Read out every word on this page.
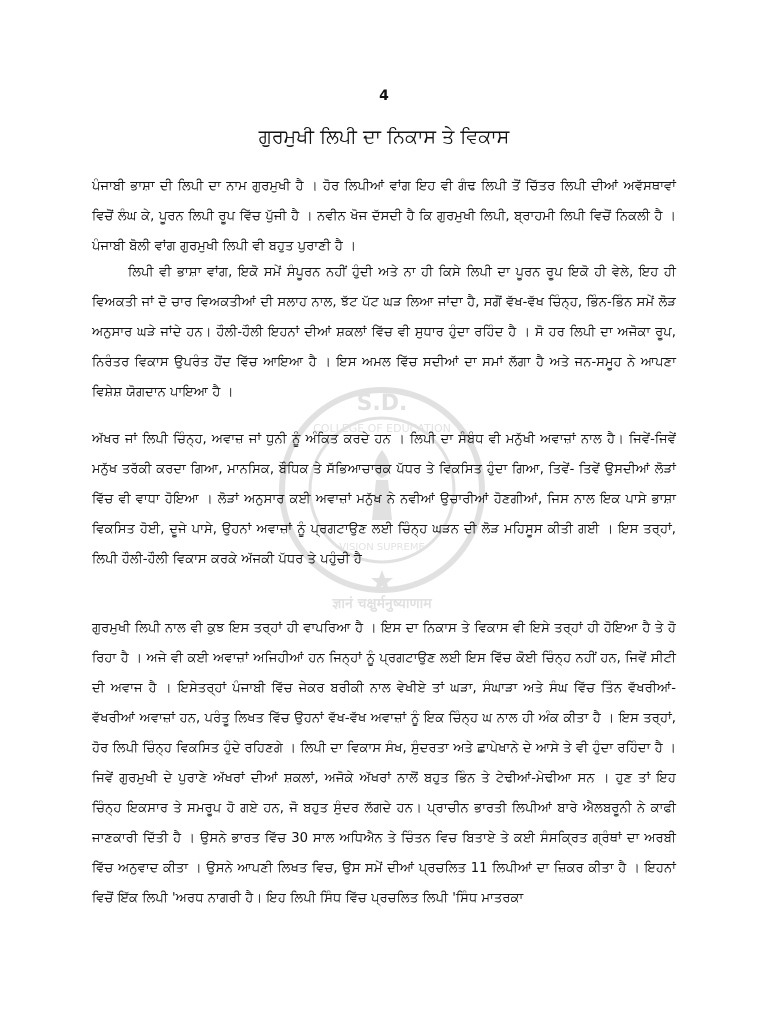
S.D.
COLLEGE OF EDUCATION
VISION SUPREME
ज्ञानं चक्षुर्मनुष्याणाम
4
ਗੁਰਮੁਖੀ ਲਿਪੀ ਦਾ ਨਿਕਾਸ ਤੇ ਵਿਕਾਸ

ਪੰਜਾਬੀ ਭਾਸ਼ਾ ਦੀ ਲਿਪੀ ਦਾ ਨਾਮ ਗੁਰਮੁਖੀ ਹੈ । ਹੋਰ ਲਿਪੀਆਂ ਵਾਂਗ ਇਹ ਵੀ ਗੰਢ ਲਿਪੀ ਤੋਂ ਚਿੱਤਰ ਲਿਪੀ ਦੀਆਂ ਅਵੱਸਥਾਵਾਂ ਵਿਚੋਂ ਲੰਘ ਕੇ, ਪੂਰਨ ਲਿਪੀ ਰੂਪ ਵਿੱਚ ਪੁੱਜੀ ਹੈ । ਨਵੀਨ ਖੋਜ ਦੱਸਦੀ ਹੈ ਕਿ ਗੁਰਮੁਖੀ ਲਿਪੀ, ਬ੍ਰਾਹਮੀ ਲਿਪੀ ਵਿਚੋਂ ਨਿਕਲੀ ਹੈ । ਪੰਜਾਬੀ ਬੋਲੀ ਵਾਂਗ ਗੁਰਮੁਖੀ ਲਿਪੀ ਵੀ ਬਹੁਤ ਪੁਰਾਣੀ ਹੈ ।

ਲਿਪੀ ਵੀ ਭਾਸ਼ਾ ਵਾਂਗ, ਇਕੋ ਸਮੇਂ ਸੰਪੂਰਨ ਨਹੀਂ ਹੁੰਦੀ ਅਤੇ ਨਾ ਹੀ ਕਿਸੇ ਲਿਪੀ ਦਾ ਪੂਰਨ ਰੂਪ ਇਕੋ ਹੀ ਵੇਲੇ, ਇਹ ਹੀ ਵਿਅਕਤੀ ਜਾਂ ਦੋ ਚਾਰ ਵਿਅਕਤੀਆਂ ਦੀ ਸਲਾਹ ਨਾਲ, ਝੱਟ ਪੱਟ ਘੜ ਲਿਆ ਜਾਂਦਾ ਹੈ, ਸਗੋਂ ਵੱਖ-ਵੱਖ ਚਿੰਨ੍ਹ, ਭਿੰਨ-ਭਿੰਨ ਸਮੇਂ ਲੋੜ ਅਨੁਸਾਰ ਘੜੇ ਜਾਂਦੇ ਹਨ। ਹੌਲੀ-ਹੌਲੀ ਇਹਨਾਂ ਦੀਆਂ ਸ਼ਕਲਾਂ ਵਿੱਚ ਵੀ ਸੁਧਾਰ ਹੁੰਦਾ ਰਹਿੰਦ ਹੈ । ਸੋ ਹਰ ਲਿਪੀ ਦਾ ਅਜੋਕਾ ਰੂਪ, ਨਿਰੰਤਰ ਵਿਕਾਸ ਉਪਰੰਤ ਹੋਂਦ ਵਿੱਚ ਆਇਆ ਹੈ । ਇਸ ਅਮਲ ਵਿੱਚ ਸਦੀਆਂ ਦਾ ਸਮਾਂ ਲੱਗਾ ਹੈ ਅਤੇ ਜਨ-ਸਮੂਹ ਨੇ ਆਪਣਾ ਵਿਸ਼ੇਸ਼ ਯੋਗਦਾਨ ਪਾਇਆ ਹੈ ।

ਅੱਖਰ ਜਾਂ ਲਿਪੀ ਚਿੰਨ੍ਹ, ਅਵਾਜ਼ ਜਾਂ ਧੁਨੀ ਨੂੰ ਅੰਕਿਤ ਕਰਦੇ ਹਨ । ਲਿਪੀ ਦਾ ਸੰਬੰਧ ਵੀ ਮਨੁੱਖੀ ਅਵਾਜ਼ਾਂ ਨਾਲ ਹੈ। ਜਿਵੇਂ-ਜਿਵੇਂ ਮਨੁੱਖ ਤਰੱਕੀ ਕਰਦਾ ਗਿਆ, ਮਾਨਸਿਕ, ਬੌਧਿਕ ਤੇ ਸੱਭਿਆਚਾਰਕ ਪੱਧਰ ਤੇ ਵਿਕਸਿਤ ਹੁੰਦਾ ਗਿਆ, ਤਿਵੇਂ- ਤਿਵੇਂ ਉਸਦੀਆਂ ਲੋੜਾਂ ਵਿੱਚ ਵੀ ਵਾਧਾ ਹੋਇਆ । ਲੋੜਾਂ ਅਨੁਸਾਰ ਕਈ ਅਵਾਜ਼ਾਂ ਮਨੁੱਖ ਨੇ ਨਵੀਆਂ ਉਚਾਰੀਆਂ ਹੋਣਗੀਆਂ, ਜਿਸ ਨਾਲ ਇਕ ਪਾਸੇ ਭਾਸ਼ਾ ਵਿਕਸਿਤ ਹੋਈ, ਦੂਜੇ ਪਾਸੇ, ਉਹਨਾਂ ਅਵਾਜ਼ਾਂ ਨੂੰ ਪ੍ਰਗਟਾਉਣ ਲਈ ਚਿੰਨ੍ਹ ਘੜਨ ਦੀ ਲੋੜ ਮਹਿਸੂਸ ਕੀਤੀ ਗਈ । ਇਸ ਤਰ੍ਹਾਂ, ਲਿਪੀ ਹੌਲੀ-ਹੌਲੀ ਵਿਕਾਸ ਕਰਕੇ ਅੱਜਕੀ ਪੱਧਰ ਤੇ ਪਹੁੰਚੀ ਹੈ

ਗੁਰਮੁਖੀ ਲਿਪੀ ਨਾਲ ਵੀ ਕੁਝ ਇਸ ਤਰ੍ਹਾਂ ਹੀ ਵਾਪਰਿਆ ਹੈ । ਇਸ ਦਾ ਨਿਕਾਸ ਤੇ ਵਿਕਾਸ ਵੀ ਇਸੇ ਤਰ੍ਹਾਂ ਹੀ ਹੋਇਆ ਹੈ ਤੇ ਹੋ ਰਿਹਾ ਹੈ । ਅਜੇ ਵੀ ਕਈ ਅਵਾਜ਼ਾਂ ਅਜਿਹੀਆਂ ਹਨ ਜਿਨ੍ਹਾਂ ਨੂੰ ਪ੍ਰਗਟਾਉਣ ਲਈ ਇਸ ਵਿੱਚ ਕੋਈ ਚਿੰਨ੍ਹ ਨਹੀਂ ਹਨ, ਜਿਵੇਂ ਸੀਟੀ ਦੀ ਅਵਾਜ ਹੈ । ਇਸੇਤਰ੍ਹਾਂ ਪੰਜਾਬੀ ਵਿੱਚ ਜੇਕਰ ਬਰੀਕੀ ਨਾਲ ਵੇਖੀਏ ਤਾਂ ਘੜਾ, ਸੰਘਾੜਾ ਅਤੇ ਸੰਘ ਵਿੱਚ ਤਿੰਨ ਵੱਖਰੀਆਂ-ਵੱਖਰੀਆਂ ਅਵਾਜ਼ਾਂ ਹਨ, ਪਰੰਤੂ ਲਿਖਤ ਵਿੱਚ ਉਹਨਾਂ ਵੱਖ-ਵੱਖ ਅਵਾਜ਼ਾਂ ਨੂੰ ਇਕ ਚਿੰਨ੍ਹ ਘ ਨਾਲ ਹੀ ਅੰਕ ਕੀਤਾ ਹੈ । ਇਸ ਤਰ੍ਹਾਂ, ਹੋਰ ਲਿਪੀ ਚਿੰਨ੍ਹ ਵਿਕਸਿਤ ਹੁੰਦੇ ਰਹਿਣਗੇ । ਲਿਪੀ ਦਾ ਵਿਕਾਸ ਸੰਖ, ਸੁੰਦਰਤਾ ਅਤੇ ਛਾਪੇਖਾਨੇ ਦੇ ਆਸੇ ਤੇ ਵੀ ਹੁੰਦਾ ਰਹਿੰਦਾ ਹੈ । ਜਿਵੇਂ ਗੁਰਮੁਖੀ ਦੇ ਪੁਰਾਣੇ ਅੱਖਰਾਂ ਦੀਆਂ ਸ਼ਕਲਾਂ, ਅਜੋਕੇ ਅੱਖਰਾਂ ਨਾਲੋਂ ਬਹੁਤ ਭਿੰਨ ਤੇ ਟੇਢੀਆਂ-ਮੇਢੀਆ ਸਨ । ਹੁਣ ਤਾਂ ਇਹ ਚਿੰਨ੍ਹ ਇਕਸਾਰ ਤੇ ਸਮਰੂਪ ਹੋ ਗਏ ਹਨ, ਜੋ ਬਹੁਤ ਸੁੰਦਰ ਲੱਗਦੇ ਹਨ। ਪ੍ਰਾਚੀਨ ਭਾਰਤੀ ਲਿਪੀਆਂ ਬਾਰੇ ਐਲਬਰੂਨੀ ਨੇ ਕਾਫੀ ਜਾਣਕਾਰੀ ਦਿੱਤੀ ਹੈ । ਉਸਨੇ ਭਾਰਤ ਵਿੱਚ 30 ਸਾਲ ਅਧਿਐਨ ਤੇ ਚਿੰਤਨ ਵਿਚ ਬਿਤਾਏ ਤੇ ਕਈ ਸੰਸਕ੍ਰਿਤ ਗ੍ਰੰਥਾਂ ਦਾ ਅਰਬੀ ਵਿੱਚ ਅਨੁਵਾਦ ਕੀਤਾ । ਉਸਨੇ ਆਪਣੀ ਲਿਖਤ ਵਿਚ, ਉਸ ਸਮੇਂ ਦੀਆਂ ਪ੍ਰਚਲਿਤ 11 ਲਿਪੀਆਂ ਦਾ ਜ਼ਿਕਰ ਕੀਤਾ ਹੈ । ਇਹਨਾਂ ਵਿਚੋਂ ਇੱਕ ਲਿਪੀ 'ਅਰਧ ਨਾਗਰੀ ਹੈ। ਇਹ ਲਿਪੀ ਸਿੰਧ ਵਿੱਚ ਪ੍ਰਚਲਿਤ ਲਿਪੀ 'ਸਿੰਧ ਮਾਤਰਕਾ
